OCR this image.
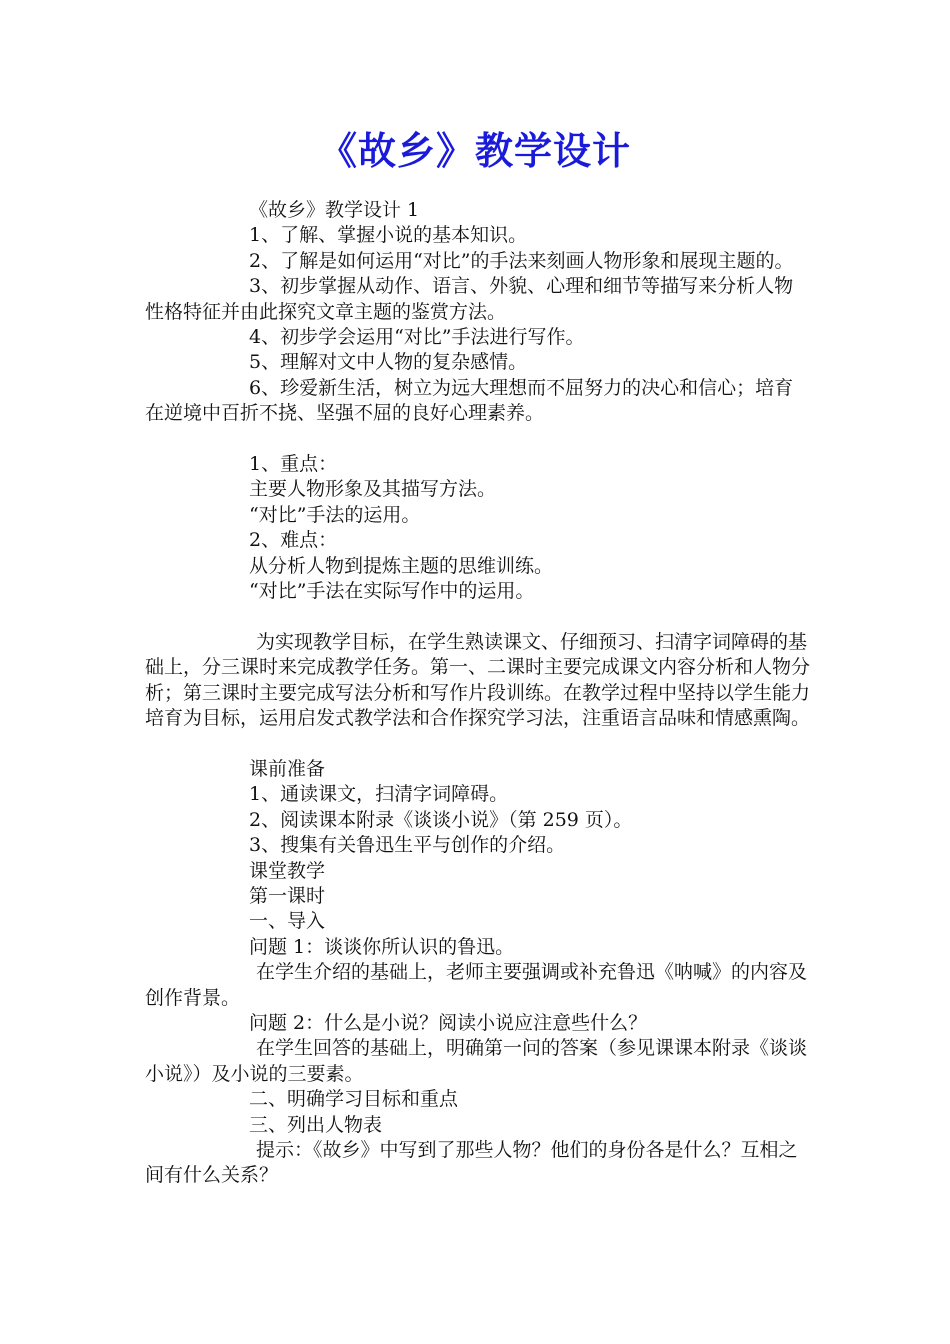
《故乡》教学设计

《故乡》教学设计 1

1、了解、掌握小说的基本知识。

2、了解是如何运用“对比”的手法来刻画人物形象和展现主题的。

3、初步掌握从动作、语言、外貌、心理和细节等描写来分析人物性格特征并由此探究文章主题的鉴赏方法。

4、初步学会运用“对比”手法进行写作。

5、理解对文中人物的复杂感情。

6、珍爱新生活，树立为远大理想而不屈努力的决心和信心；培育在逆境中百折不挠、坚强不屈的良好心理素养。

1、重点：

主要人物形象及其描写方法。

“对比”手法的运用。

2、难点：

从分析人物到提炼主题的思维训练。

“对比”手法在实际写作中的运用。

为实现教学目标，在学生熟读课文、仔细预习、扫清字词障碍的基础上，分三课时来完成教学任务。第一、二课时主要完成课文内容分析和人物分析；第三课时主要完成写法分析和写作片段训练。在教学过程中坚持以学生能力培育为目标，运用启发式教学法和合作探究学习法，注重语言品味和情感熏陶。

课前准备

1、通读课文，扫清字词障碍。

2、阅读课本附录《谈谈小说》（第 259 页）。

3、搜集有关鲁迅生平与创作的介绍。

课堂教学

第一课时

一、导入

问题 1：谈谈你所认识的鲁迅。

在学生介绍的基础上，老师主要强调或补充鲁迅《呐喊》的内容及创作背景。

问题 2：什么是小说？阅读小说应注意些什么？

在学生回答的基础上，明确第一问的答案（参见课课本附录《谈谈小说》）及小说的三要素。

二、明确学习目标和重点

三、列出人物表

提示：《故乡》中写到了那些人物？他们的身份各是什么？互相之间有什么关系？
